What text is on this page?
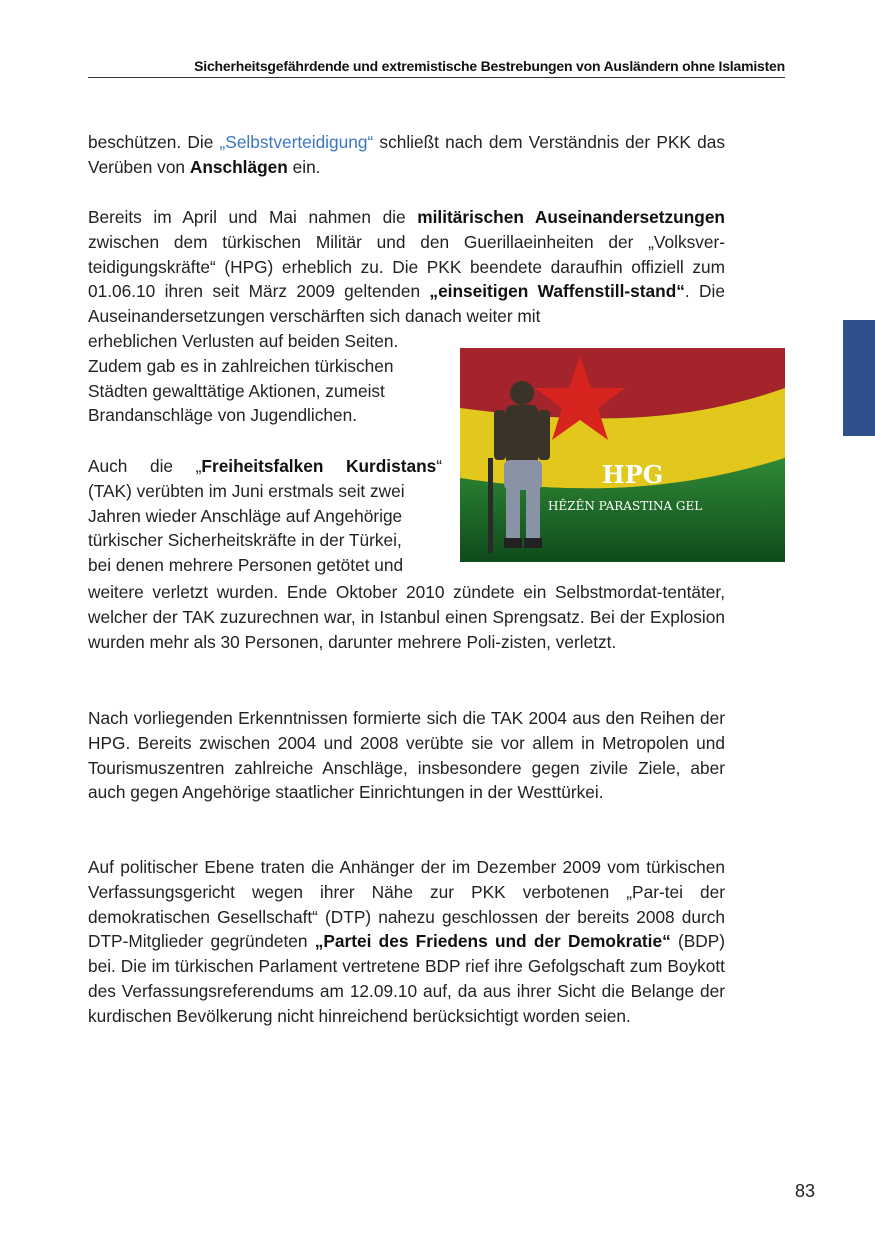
Sicherheitsgefährdende und extremistische Bestrebungen von Ausländern ohne Islamisten

beschützen. Die „Selbstverteidigung“ schließt nach dem Verständnis der PKK das Verüben von Anschlägen ein.

Bereits im April und Mai nahmen die militärischen Auseinandersetzungen zwischen dem türkischen Militär und den Guerillaeinheiten der „Volksver-teidigungskräfte“ (HPG) erheblich zu. Die PKK beendete daraufhin offiziell zum 01.06.10 ihren seit März 2009 geltenden „einseitigen Waffenstill-stand“. Die Auseinandersetzungen verschärften sich danach weiter mit

erheblichen Verlusten auf beiden Seiten.
Zudem gab es in zahlreichen türkischen
Städten gewalttätige Aktionen, zumeist
Brandanschläge von Jugendlichen.
Auch die „Freiheitsfalken Kurdistans“
(TAK) verübten im Juni erstmals seit zwei
Jahren wieder Anschläge auf Angehörige
türkischer Sicherheitskräfte in der Türkei,
bei denen mehrere Personen getötet und

weitere verletzt wurden. Ende Oktober 2010 zündete ein Selbstmordat-tentäter, welcher der TAK zuzurechnen war, in Istanbul einen Sprengsatz. Bei der Explosion wurden mehr als 30 Personen, darunter mehrere Poli-zisten, verletzt.

Nach vorliegenden Erkenntnissen formierte sich die TAK 2004 aus den Reihen der HPG. Bereits zwischen 2004 und 2008 verübte sie vor allem in Metropolen und Tourismuszentren zahlreiche Anschläge, insbesondere gegen zivile Ziele, aber auch gegen Angehörige staatlicher Einrichtungen in der Westtürkei.

Auf politischer Ebene traten die Anhänger der im Dezember 2009 vom türkischen Verfassungsgericht wegen ihrer Nähe zur PKK verbotenen „Par-tei der demokratischen Gesellschaft“ (DTP) nahezu geschlossen der bereits 2008 durch DTP-Mitglieder gegründeten „Partei des Friedens und der Demokratie“ (BDP) bei. Die im türkischen Parlament vertretene BDP rief ihre Gefolgschaft zum Boykott des Verfassungsreferendums am 12.09.10 auf, da aus ihrer Sicht die Belange der kurdischen Bevölkerung nicht hinreichend berücksichtigt worden seien.

HPG
HÊZÊN PARASTINA GEL
83
